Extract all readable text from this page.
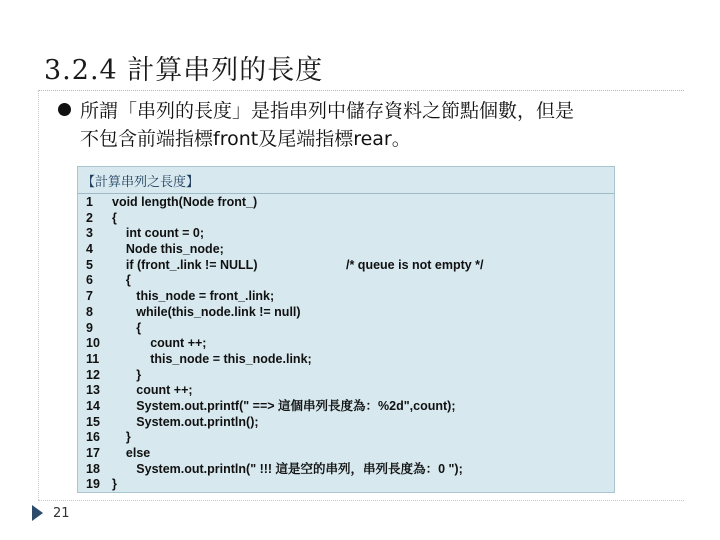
3.2.4 計算串列的長度
所謂「串列的長度」是指串列中儲存資料之節點個數，但是
不包含前端指標front及尾端指標rear。
【計算串列之長度】
1	void length(Node front_)
2	{
3	int count = 0;
4	Node this_node;
5	if (front_.link != NULL)	/* queue is not empty */
6	{
7	this_node = front_.link;
8	while(this_node.link != null)
9	{
10 count ++;
11	this_node = this_node.link;
12 }
13 count ++;
14 System.out.printf(" ==> 這個串列長度為：%2d",count);
15 System.out.println();
16 }
17 else
18 System.out.println(" !!! 這是空的串列，串列長度為：0 ");
19 }
21
